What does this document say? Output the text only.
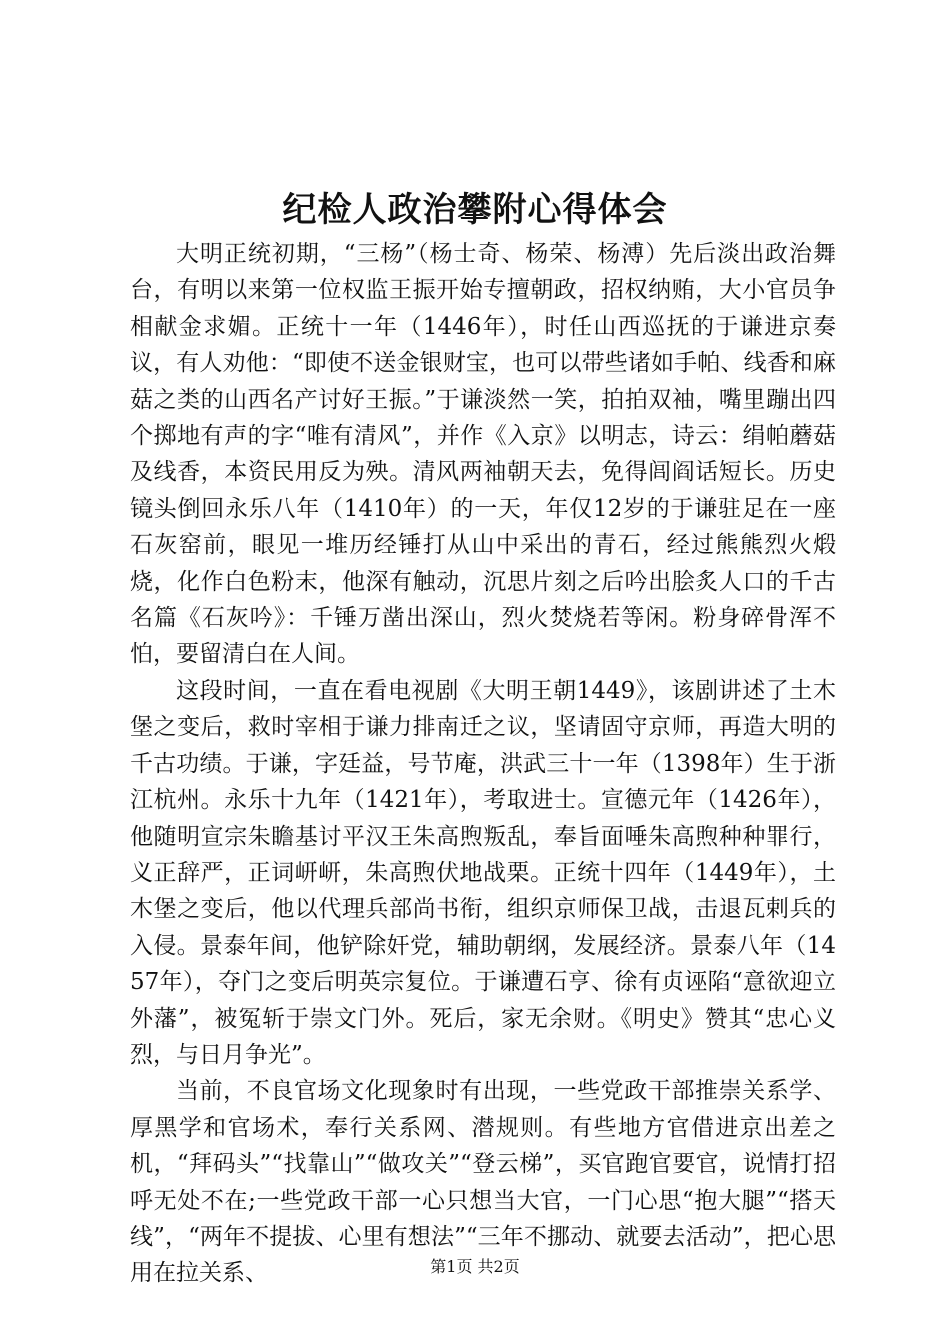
纪检人政治攀附心得体会

大明正统初期，“三杨”（杨士奇、杨荣、杨溥）先后淡出政治舞台，有明以来第一位权监王振开始专擅朝政，招权纳贿，大小官员争相献金求媚。正统十一年（1446年），时任山西巡抚的于谦进京奏议，有人劝他：“即使不送金银财宝，也可以带些诸如手帕、线香和麻菇之类的山西名产讨好王振。”于谦淡然一笑，拍拍双袖，嘴里蹦出四个掷地有声的字“唯有清风”，并作《入京》以明志，诗云：绢帕蘑菇及线香，本资民用反为殃。清风两袖朝天去，免得闾阎话短长。历史镜头倒回永乐八年（1410年）的一天，年仅12岁的于谦驻足在一座石灰窑前，眼见一堆历经锤打从山中采出的青石，经过熊熊烈火煅烧，化作白色粉末，他深有触动，沉思片刻之后吟出脍炙人口的千古名篇《石灰吟》：千锤万凿出深山，烈火焚烧若等闲。粉身碎骨浑不怕，要留清白在人间。

这段时间，一直在看电视剧《大明王朝1449》，该剧讲述了土木堡之变后，救时宰相于谦力排南迁之议，坚请固守京师，再造大明的千古功绩。于谦，字廷益，号节庵，洪武三十一年（1398年）生于浙江杭州。永乐十九年（1421年），考取进士。宣德元年（1426年），他随明宣宗朱瞻基讨平汉王朱高煦叛乱，奉旨面唾朱高煦种种罪行，义正辞严，正词岍岍，朱高煦伏地战栗。正统十四年（1449年），土木堡之变后，他以代理兵部尚书衔，组织京师保卫战，击退瓦剌兵的入侵。景泰年间，他铲除奸党，辅助朝纲，发展经济。景泰八年（1457年），夺门之变后明英宗复位。于谦遭石亨、徐有贞诬陷“意欲迎立外藩”，被冤斩于崇文门外。死后，家无余财。《明史》赞其“忠心义烈，与日月争光”。

当前，不良官场文化现象时有出现，一些党政干部推崇关系学、厚黑学和官场术，奉行关系网、潜规则。有些地方官借进京出差之机，“拜码头”“找靠山”“做攻关”“登云梯”，买官跑官要官，说情打招呼无处不在;一些党政干部一心只想当大官，一门心思“抱大腿”“搭天线”，“两年不提拔、心里有想法”“三年不挪动、就要去活动”，把心思用在拉关系、	第1页 共2页
